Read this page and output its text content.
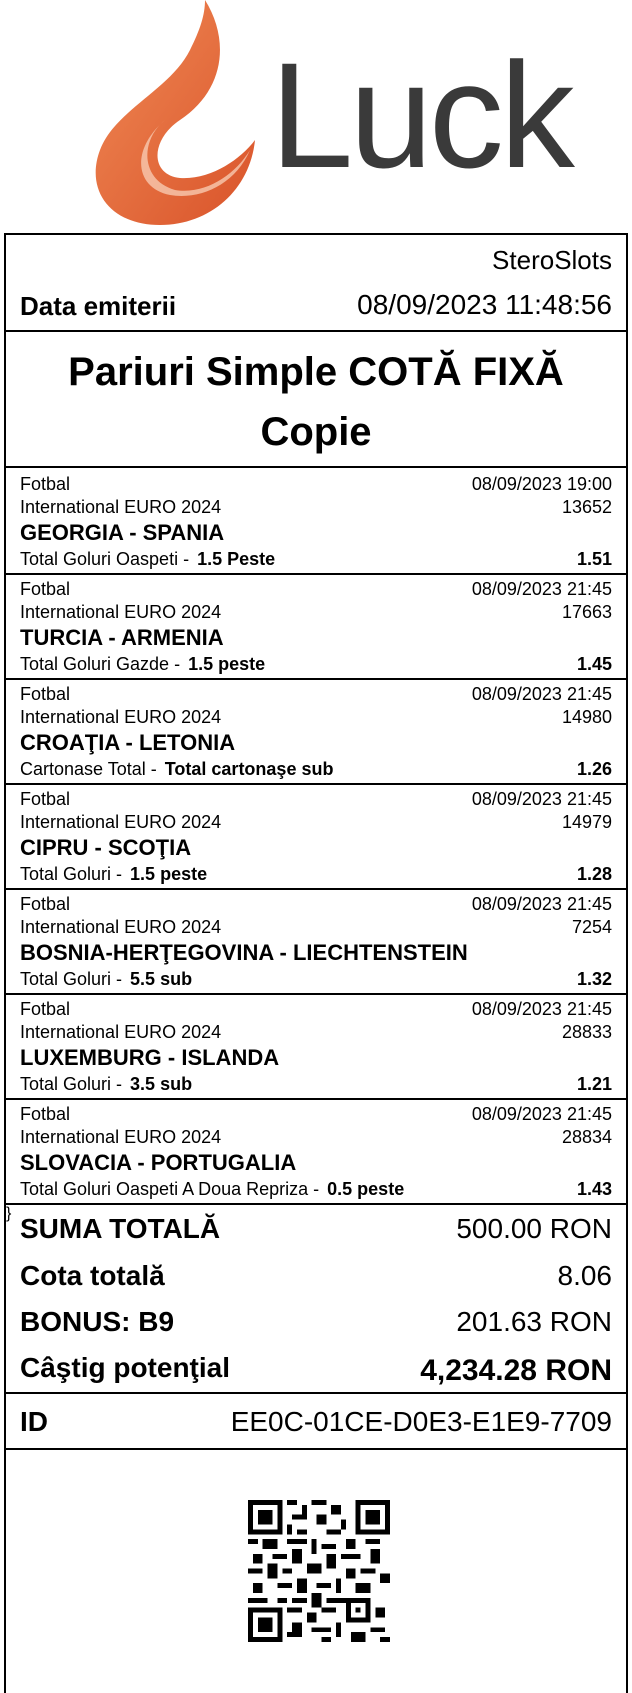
Luck
SteroSlots
Data emiterii	08/09/2023 11:48:56
Pariuri Simple COTĂ FIXĂ
Copie
Fotbal	08/09/2023 19:00
International EURO 2024	13652
GEORGIA - SPANIA
Total Goluri Oaspeti - 1.5 Peste	1.51
Fotbal	08/09/2023 21:45
International EURO 2024	17663
TURCIA - ARMENIA
Total Goluri Gazde - 1.5 peste	1.45
Fotbal	08/09/2023 21:45
International EURO 2024	14980
CROAŢIA - LETONIA
Cartonase Total - Total cartonaşe sub	1.26
Fotbal	08/09/2023 21:45
International EURO 2024	14979
CIPRU - SCOŢIA
Total Goluri - 1.5 peste	1.28
Fotbal	08/09/2023 21:45
International EURO 2024	7254
BOSNIA-HERŢEGOVINA - LIECHTENSTEIN
Total Goluri - 5.5 sub	1.32
Fotbal	08/09/2023 21:45
International EURO 2024	28833
LUXEMBURG - ISLANDA
Total Goluri - 3.5 sub	1.21
Fotbal	08/09/2023 21:45
International EURO 2024	28834
SLOVACIA - PORTUGALIA
Total Goluri Oaspeti A Doua Repriza - 0.5 peste	1.43
SUMA TOTALĂ	500.00 RON
Cota totală	8.06
BONUS: B9	201.63 RON
Câştig potenţial	4,234.28 RON
}
ID	EE0C-01CE-D0E3-E1E9-7709
